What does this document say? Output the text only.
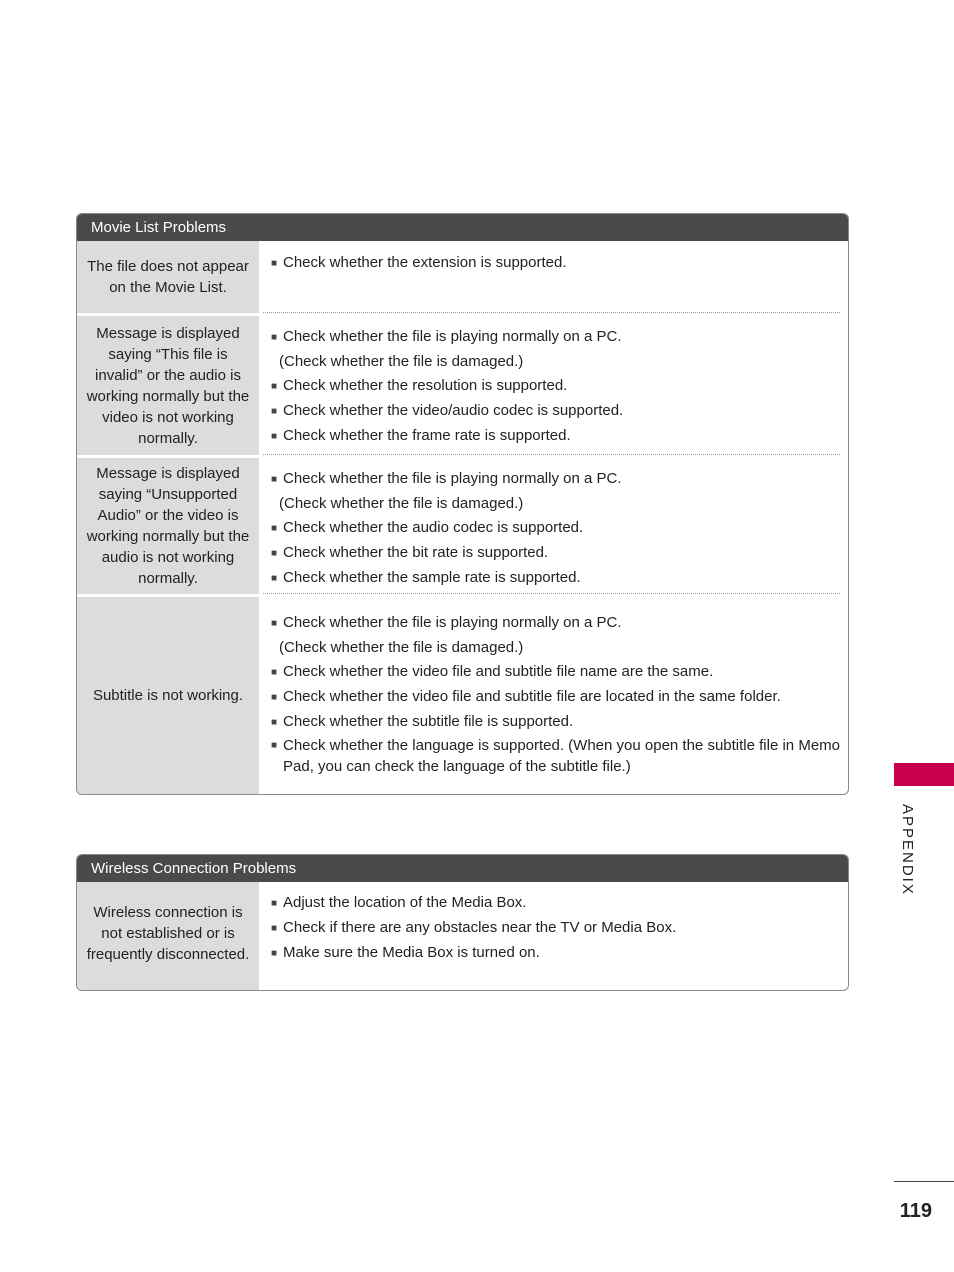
Movie List Problems
The file does not appear on the Movie List.
■ Check whether the extension is supported.
Message is displayed saying “This file is invalid” or the audio is working normally but the video is not working normally.
■ Check whether the file is playing normally on a PC.
(Check whether the file is damaged.)
■ Check whether the resolution is supported.
■ Check whether the video/audio codec is supported.
■ Check whether the frame rate is supported.
Message is displayed saying “Unsupported Audio” or the video is working normally but the audio is not working normally.
■ Check whether the file is playing normally on a PC.
(Check whether the file is damaged.)
■ Check whether the audio codec is supported.
■ Check whether the bit rate is supported.
■ Check whether the sample rate is supported.
Subtitle is not working.
■ Check whether the file is playing normally on a PC.
(Check whether the file is damaged.)
■ Check whether the video file and subtitle file name are the same.
■ Check whether the video file and subtitle file are located in the same folder.
■ Check whether the subtitle file is supported.
■ Check whether the language is supported. (When you open the subtitle file in Memo Pad, you can check the language of the subtitle file.)
Wireless Connection Problems
Wireless connection is not established or is frequently disconnected.
■ Adjust the location of the Media Box.
■ Check if there are any obstacles near the TV or Media Box.
■ Make sure the Media Box is turned on.
APPENDIX
119
